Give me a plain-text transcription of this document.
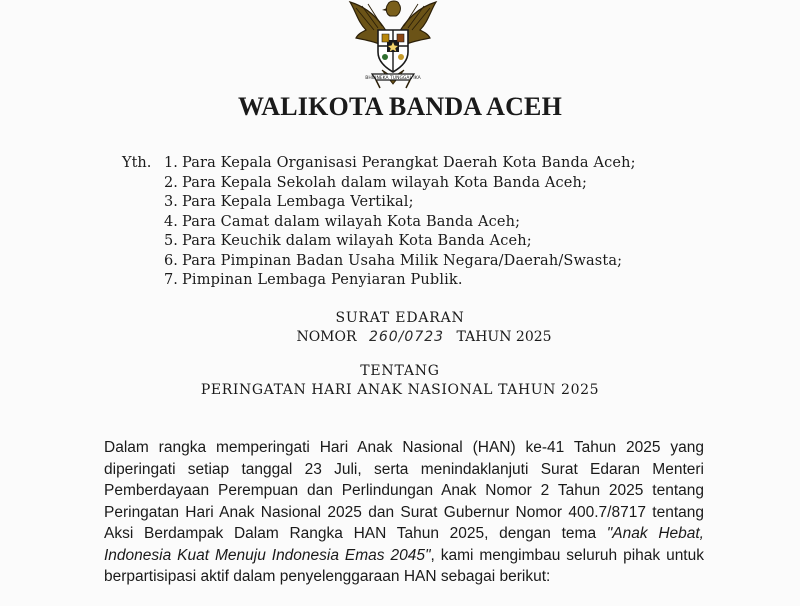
BHINNEKA TUNGGAL IKA
WALIKOTA BANDA ACEH
Yth. 1. Para Kepala Organisasi Perangkat Daerah Kota Banda Aceh;
2. Para Kepala Sekolah dalam wilayah Kota Banda Aceh;
3. Para Kepala Lembaga Vertikal;
4. Para Camat dalam wilayah Kota Banda Aceh;
5. Para Keuchik dalam wilayah Kota Banda Aceh;
6. Para Pimpinan Badan Usaha Milik Negara/Daerah/Swasta;
7. Pimpinan Lembaga Penyiaran Publik.
SURAT EDARAN
NOMOR 260/0723 TAHUN 2025
TENTANG
PERINGATAN HARI ANAK NASIONAL TAHUN 2025
Dalam rangka memperingati Hari Anak Nasional (HAN) ke-41 Tahun 2025 yang diperingati setiap tanggal 23 Juli, serta menindaklanjuti Surat Edaran Menteri Pemberdayaan Perempuan dan Perlindungan Anak Nomor 2 Tahun 2025 tentang Peringatan Hari Anak Nasional 2025 dan Surat Gubernur Nomor 400.7/8717 tentang Aksi Berdampak Dalam Rangka HAN Tahun 2025, dengan tema "Anak Hebat, Indonesia Kuat Menuju Indonesia Emas 2045", kami mengimbau seluruh pihak untuk berpartisipasi aktif dalam penyelenggaraan HAN sebagai berikut:
